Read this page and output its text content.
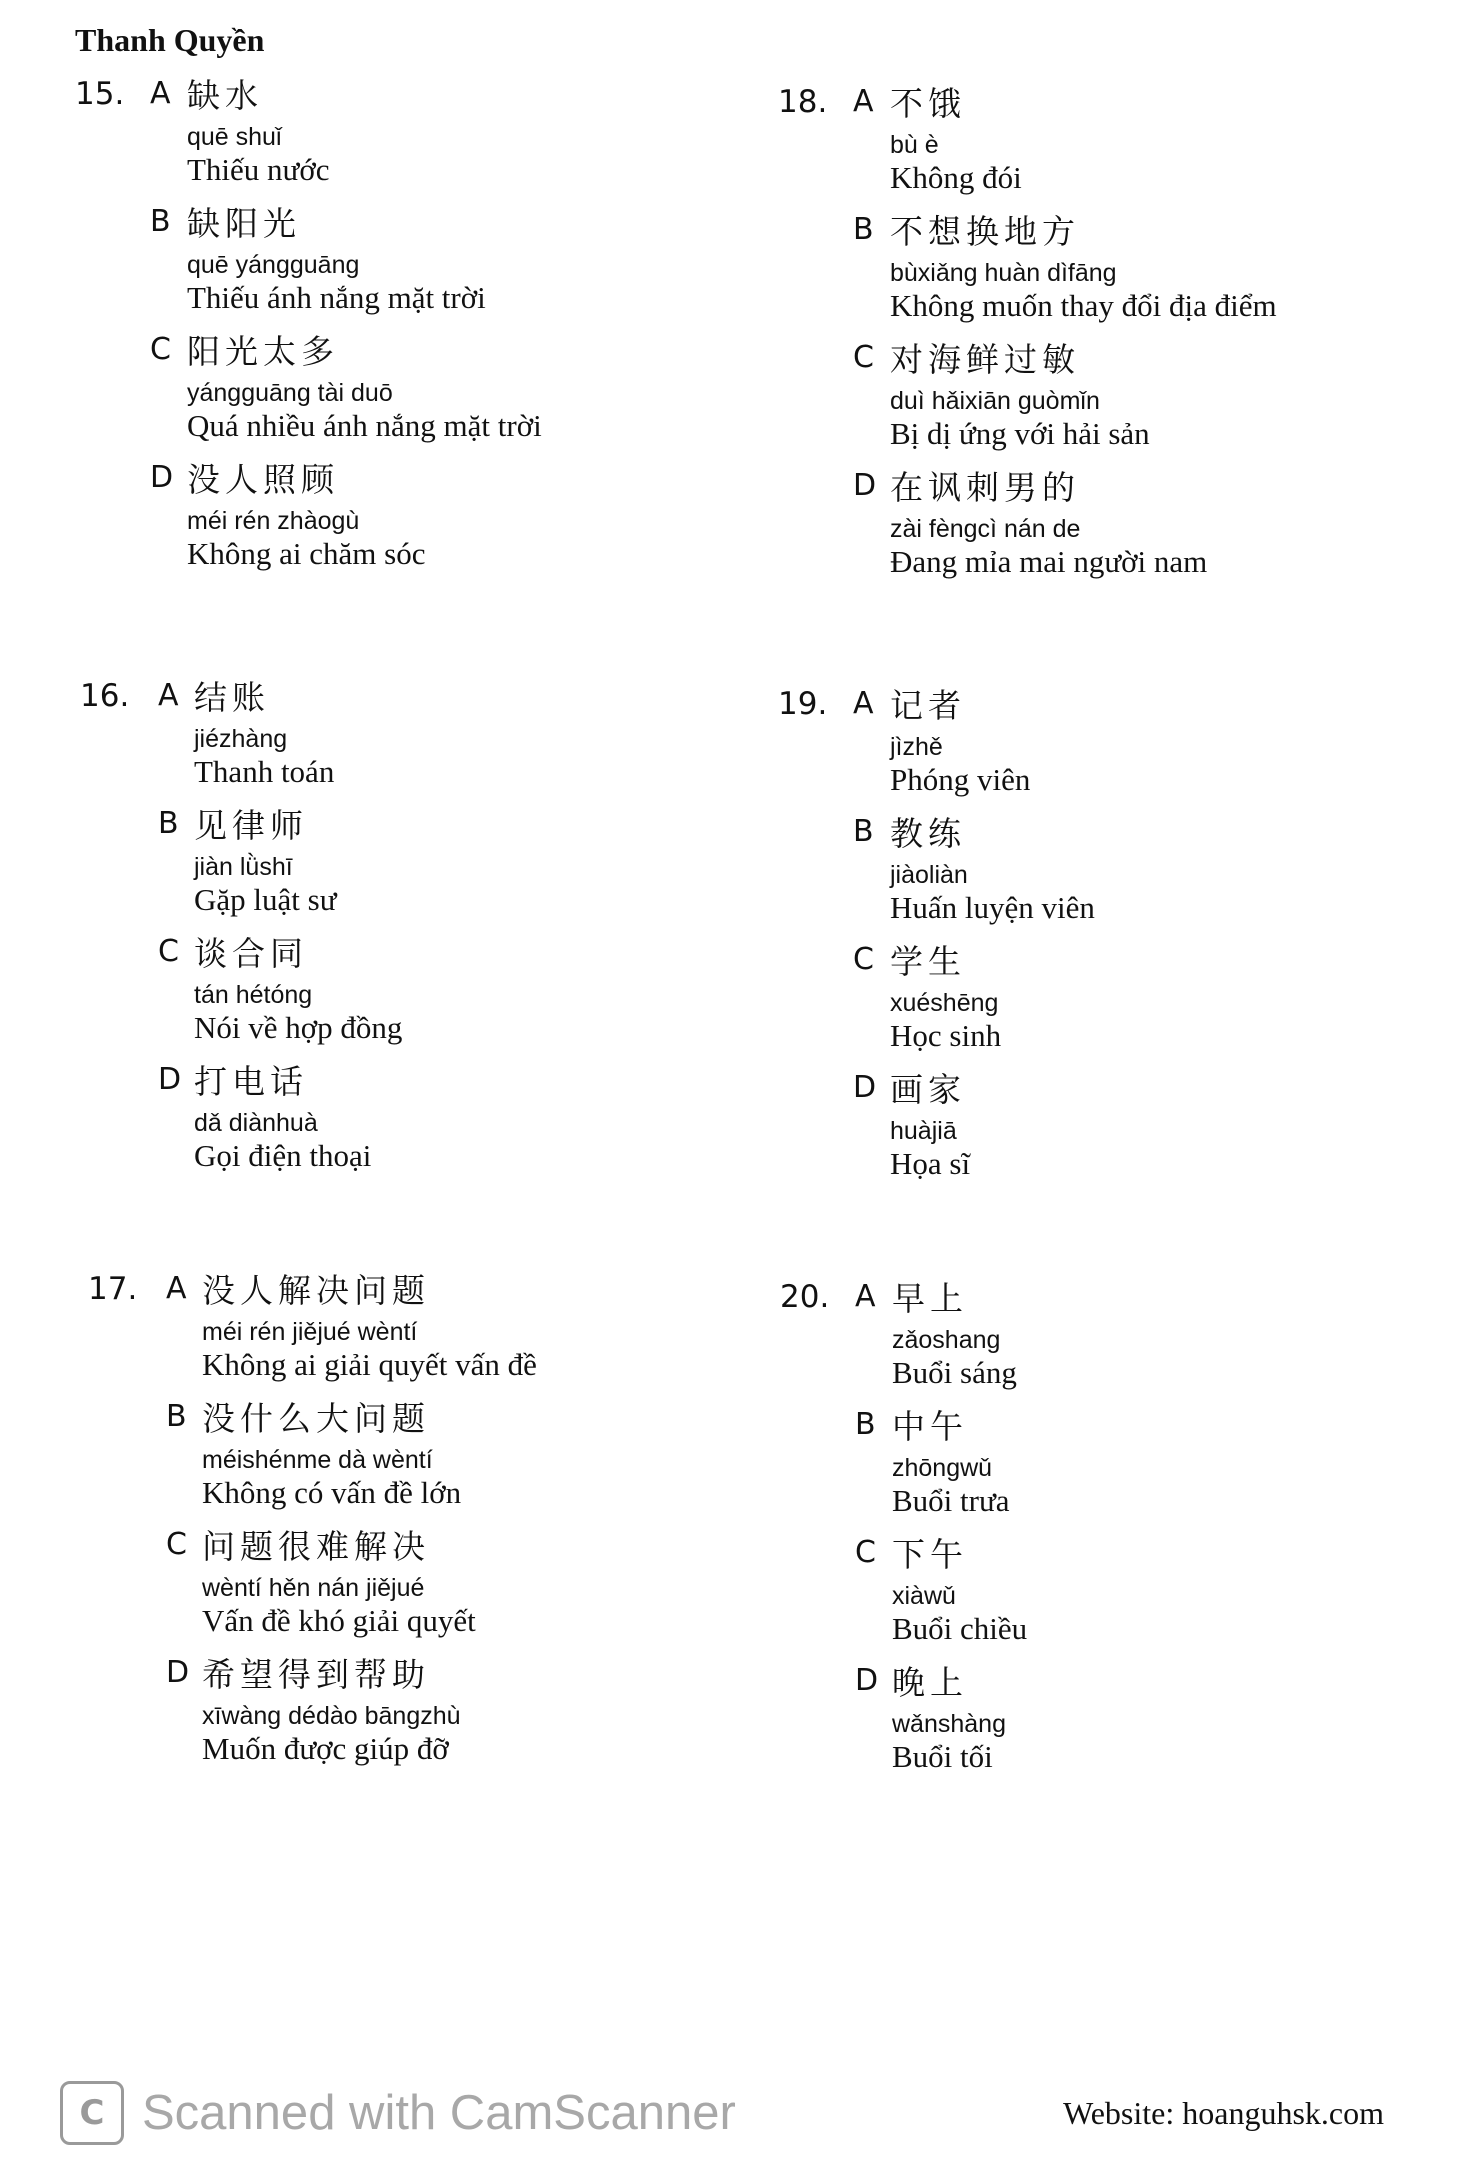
Thanh Quyền
15. A 缺水
quē shuǐ
Thiếu nước
B 缺阳光
quē yángguāng
Thiếu ánh nắng mặt trời
C 阳光太多
yángguāng tài duō
Quá nhiều ánh nắng mặt trời
D 没人照顾
méi rén zhàogù
Không ai chăm sóc
16. A 结账
jiézhàng
Thanh toán
B 见律师
jiàn lǜshī
Gặp luật sư
C 谈合同
tán hétóng
Nói về hợp đồng
D 打电话
dǎ diànhuà
Gọi điện thoại
17. A 没人解决问题
méi rén jiějué wèntí
Không ai giải quyết vấn đề
B 没什么大问题
méishénme dà wèntí
Không có vấn đề lớn
C 问题很难解决
wèntí hěn nán jiějué
Vấn đề khó giải quyết
D 希望得到帮助
xīwàng dédào bāngzhù
Muốn được giúp đỡ
18. A 不饿
bù è
Không đói
B 不想换地方
bùxiǎng huàn dìfāng
Không muốn thay đổi địa điểm
C 对海鲜过敏
duì hǎixiān guòmǐn
Bị dị ứng với hải sản
D 在讽刺男的
zài fèngcì nán de
Đang mỉa mai người nam
19. A 记者
jìzhě
Phóng viên
B 教练
jiàoliàn
Huấn luyện viên
C 学生
xuéshēng
Học sinh
D 画家
huàjiā
Họa sĩ
20. A 早上
zǎoshang
Buổi sáng
B 中午
zhōngwǔ
Buổi trưa
C 下午
xiàwǔ
Buổi chiều
D 晚上
wǎnshàng
Buổi tối
C Scanned with CamScanner	Website: hoanguhsk.com
